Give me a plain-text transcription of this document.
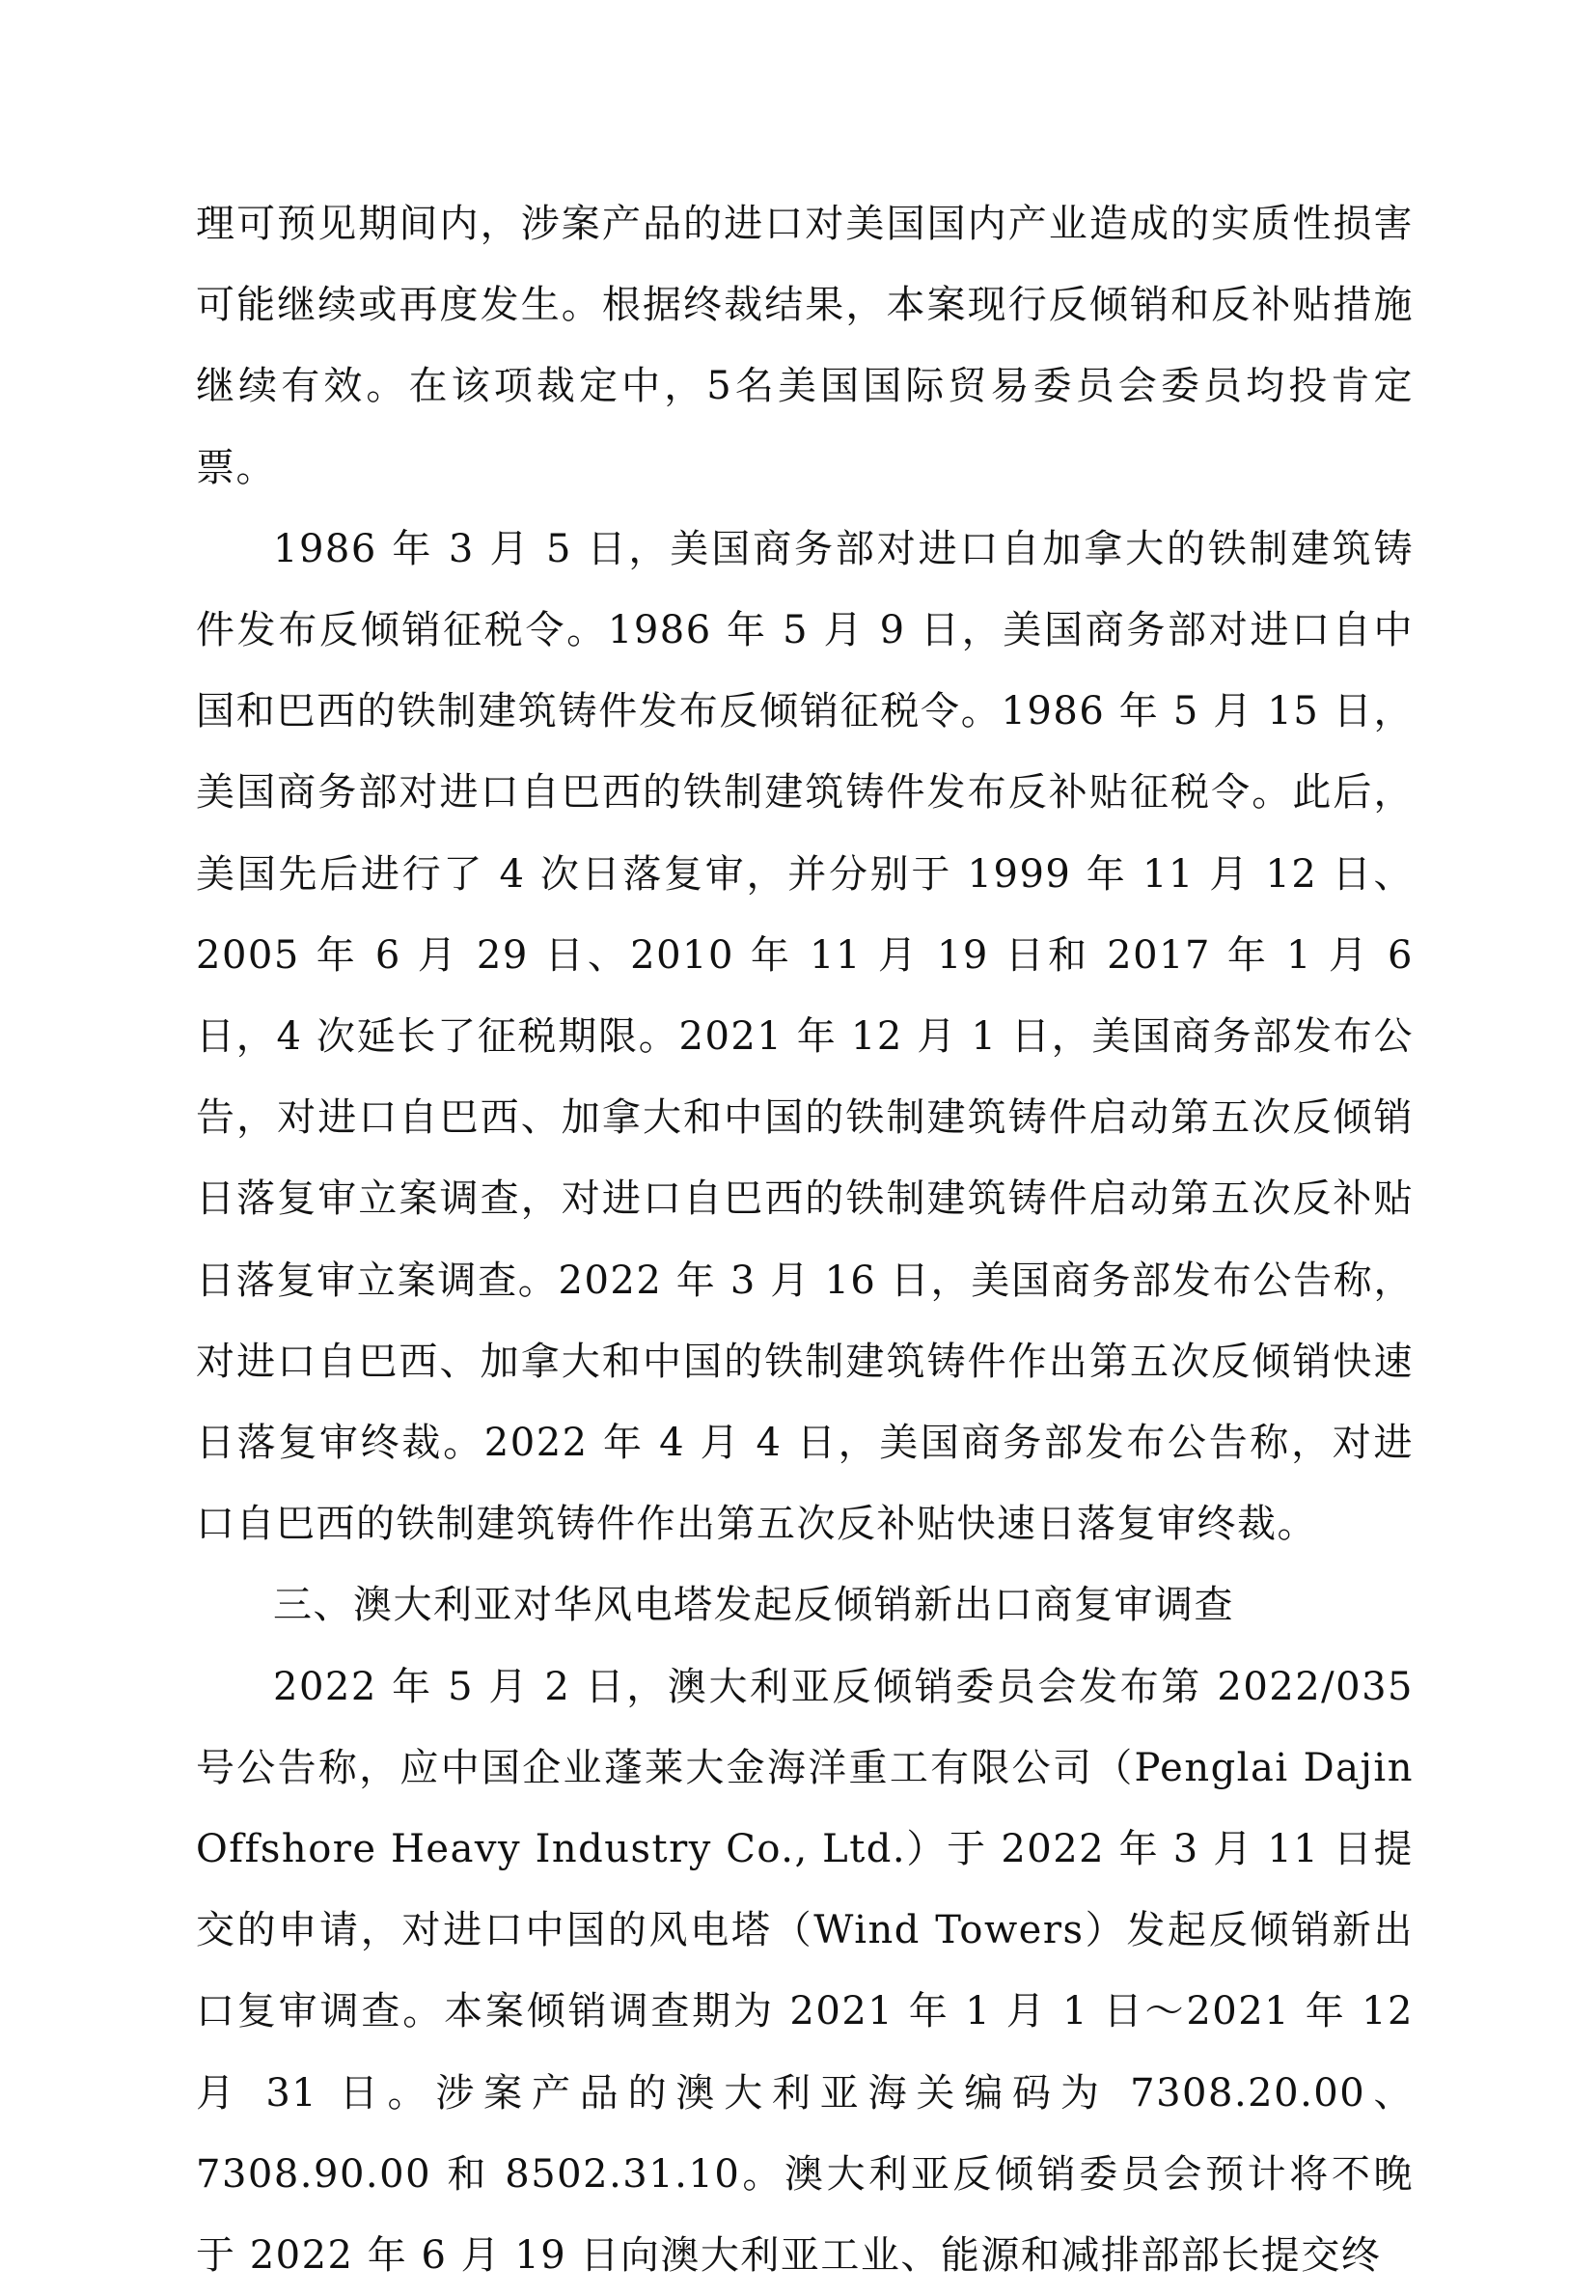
理可预见期间内，涉案产品的进口对美国国内产业造成的实质性损害可能继续或再度发生。根据终裁结果，本案现行反倾销和反补贴措施继续有效。在该项裁定中，5名美国国际贸易委员会委员均投肯定票。

1986 年 3 月 5 日，美国商务部对进口自加拿大的铁制建筑铸件发布反倾销征税令。1986 年 5 月 9 日，美国商务部对进口自中国和巴西的铁制建筑铸件发布反倾销征税令。1986 年 5 月 15 日，美国商务部对进口自巴西的铁制建筑铸件发布反补贴征税令。此后，美国先后进行了 4 次日落复审，并分别于 1999 年 11 月 12 日、2005 年 6 月 29 日、2010 年 11 月 19 日和 2017 年 1 月 6 日，4 次延长了征税期限。2021 年 12 月 1 日，美国商务部发布公告，对进口自巴西、加拿大和中国的铁制建筑铸件启动第五次反倾销日落复审立案调查，对进口自巴西的铁制建筑铸件启动第五次反补贴日落复审立案调查。2022 年 3 月 16 日，美国商务部发布公告称，对进口自巴西、加拿大和中国的铁制建筑铸件作出第五次反倾销快速日落复审终裁。2022 年 4 月 4 日，美国商务部发布公告称，对进口自巴西的铁制建筑铸件作出第五次反补贴快速日落复审终裁。

三、澳大利亚对华风电塔发起反倾销新出口商复审调查

2022 年 5 月 2 日，澳大利亚反倾销委员会发布第 2022/035 号公告称，应中国企业蓬莱大金海洋重工有限公司（Penglai Dajin Offshore Heavy Industry Co., Ltd.）于 2022 年 3 月 11 日提交的申请，对进口中国的风电塔（Wind Towers）发起反倾销新出口复审调查。本案倾销调查期为 2021 年 1 月 1 日～2021 年 12 月 31 日。涉案产品的澳大利亚海关编码为 7308.20.00、7308.90.00 和 8502.31.10。澳大利亚反倾销委员会预计将不晚于 2022 年 6 月 19 日向澳大利亚工业、能源和减排部部长提交终
